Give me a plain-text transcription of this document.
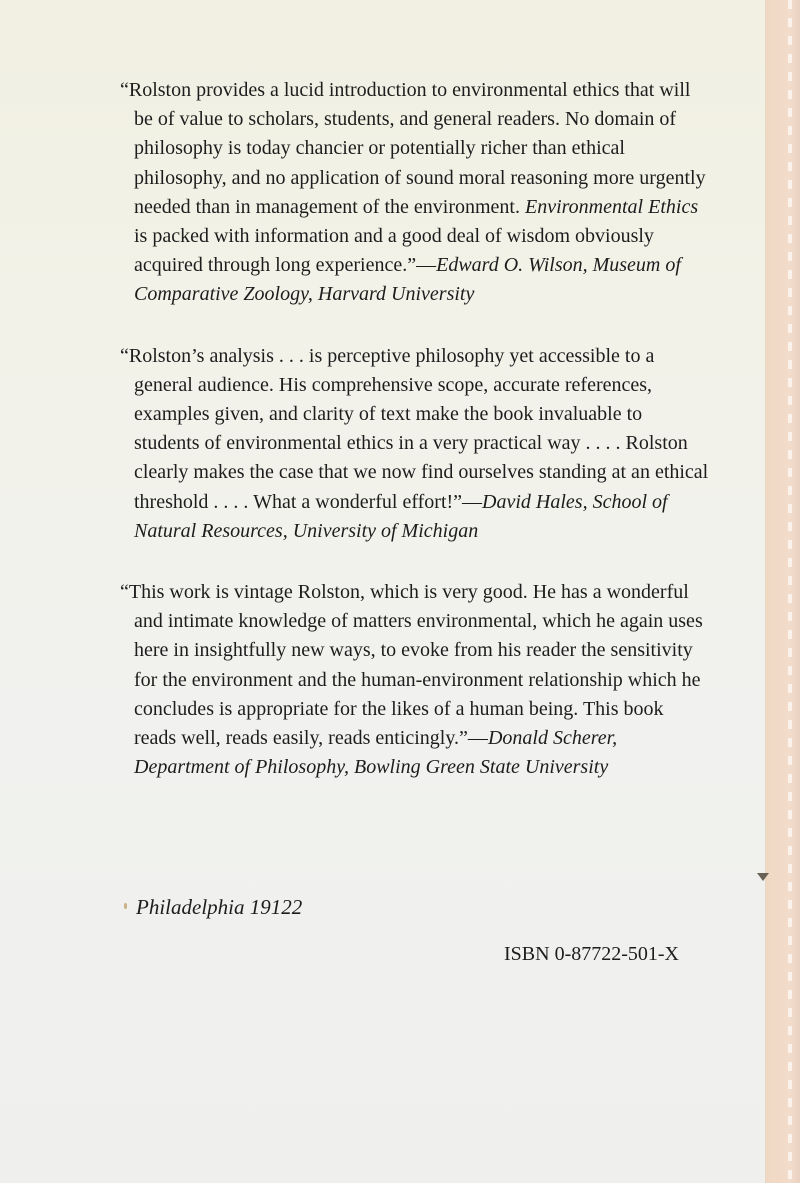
“Rolston provides a lucid introduction to environmental ethics that will be of value to scholars, students, and general readers. No domain of philosophy is today chancier or potentially richer than ethical philosophy, and no application of sound moral reasoning more urgently needed than in management of the environment. Environmental Ethics is packed with information and a good deal of wisdom obviously acquired through long experience.”—Edward O. Wilson, Museum of Comparative Zoology, Harvard University

“Rolston’s analysis . . . is perceptive philosophy yet accessible to a general audience. His comprehensive scope, accurate references, examples given, and clarity of text make the book invaluable to students of environmental ethics in a very practical way . . . . Rolston clearly makes the case that we now find ourselves standing at an ethical threshold . . . . What a wonderful effort!”—David Hales, School of Natural Resources, University of Michigan

“This work is vintage Rolston, which is very good. He has a wonderful and intimate knowledge of matters environmental, which he again uses here in insightfully new ways, to evoke from his reader the sensitivity for the environment and the human-environment relationship which he concludes is appropriate for the likes of a human being. This book reads well, reads easily, reads enticingly.”—Donald Scherer, Department of Philosophy, Bowling Green State University

Philadelphia 19122
ISBN 0-87722-501-X
